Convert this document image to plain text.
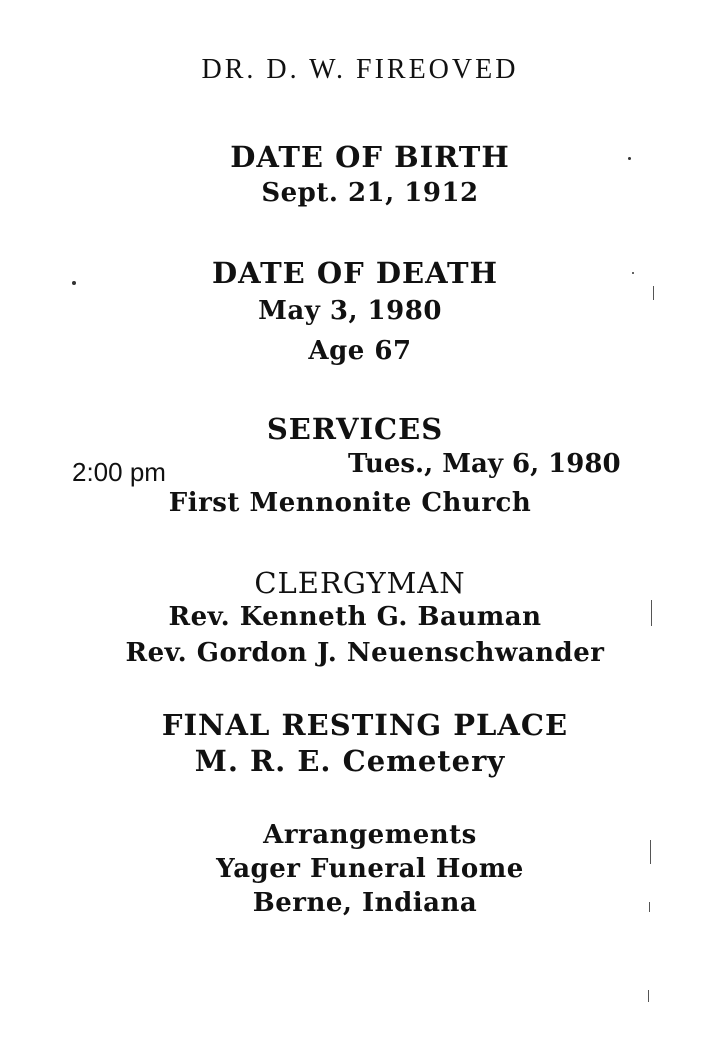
DR. D. W. FIREOVED
DATE OF BIRTH
Sept. 21, 1912
DATE OF DEATH
May 3, 1980
Age 67
SERVICES
2:00 pm	Tues., May 6, 1980
First Mennonite Church
CLERGYMAN
Rev. Kenneth G. Bauman
Rev. Gordon J. Neuenschwander
FINAL RESTING PLACE
M. R. E. Cemetery
Arrangements
Yager Funeral Home
Berne, Indiana
